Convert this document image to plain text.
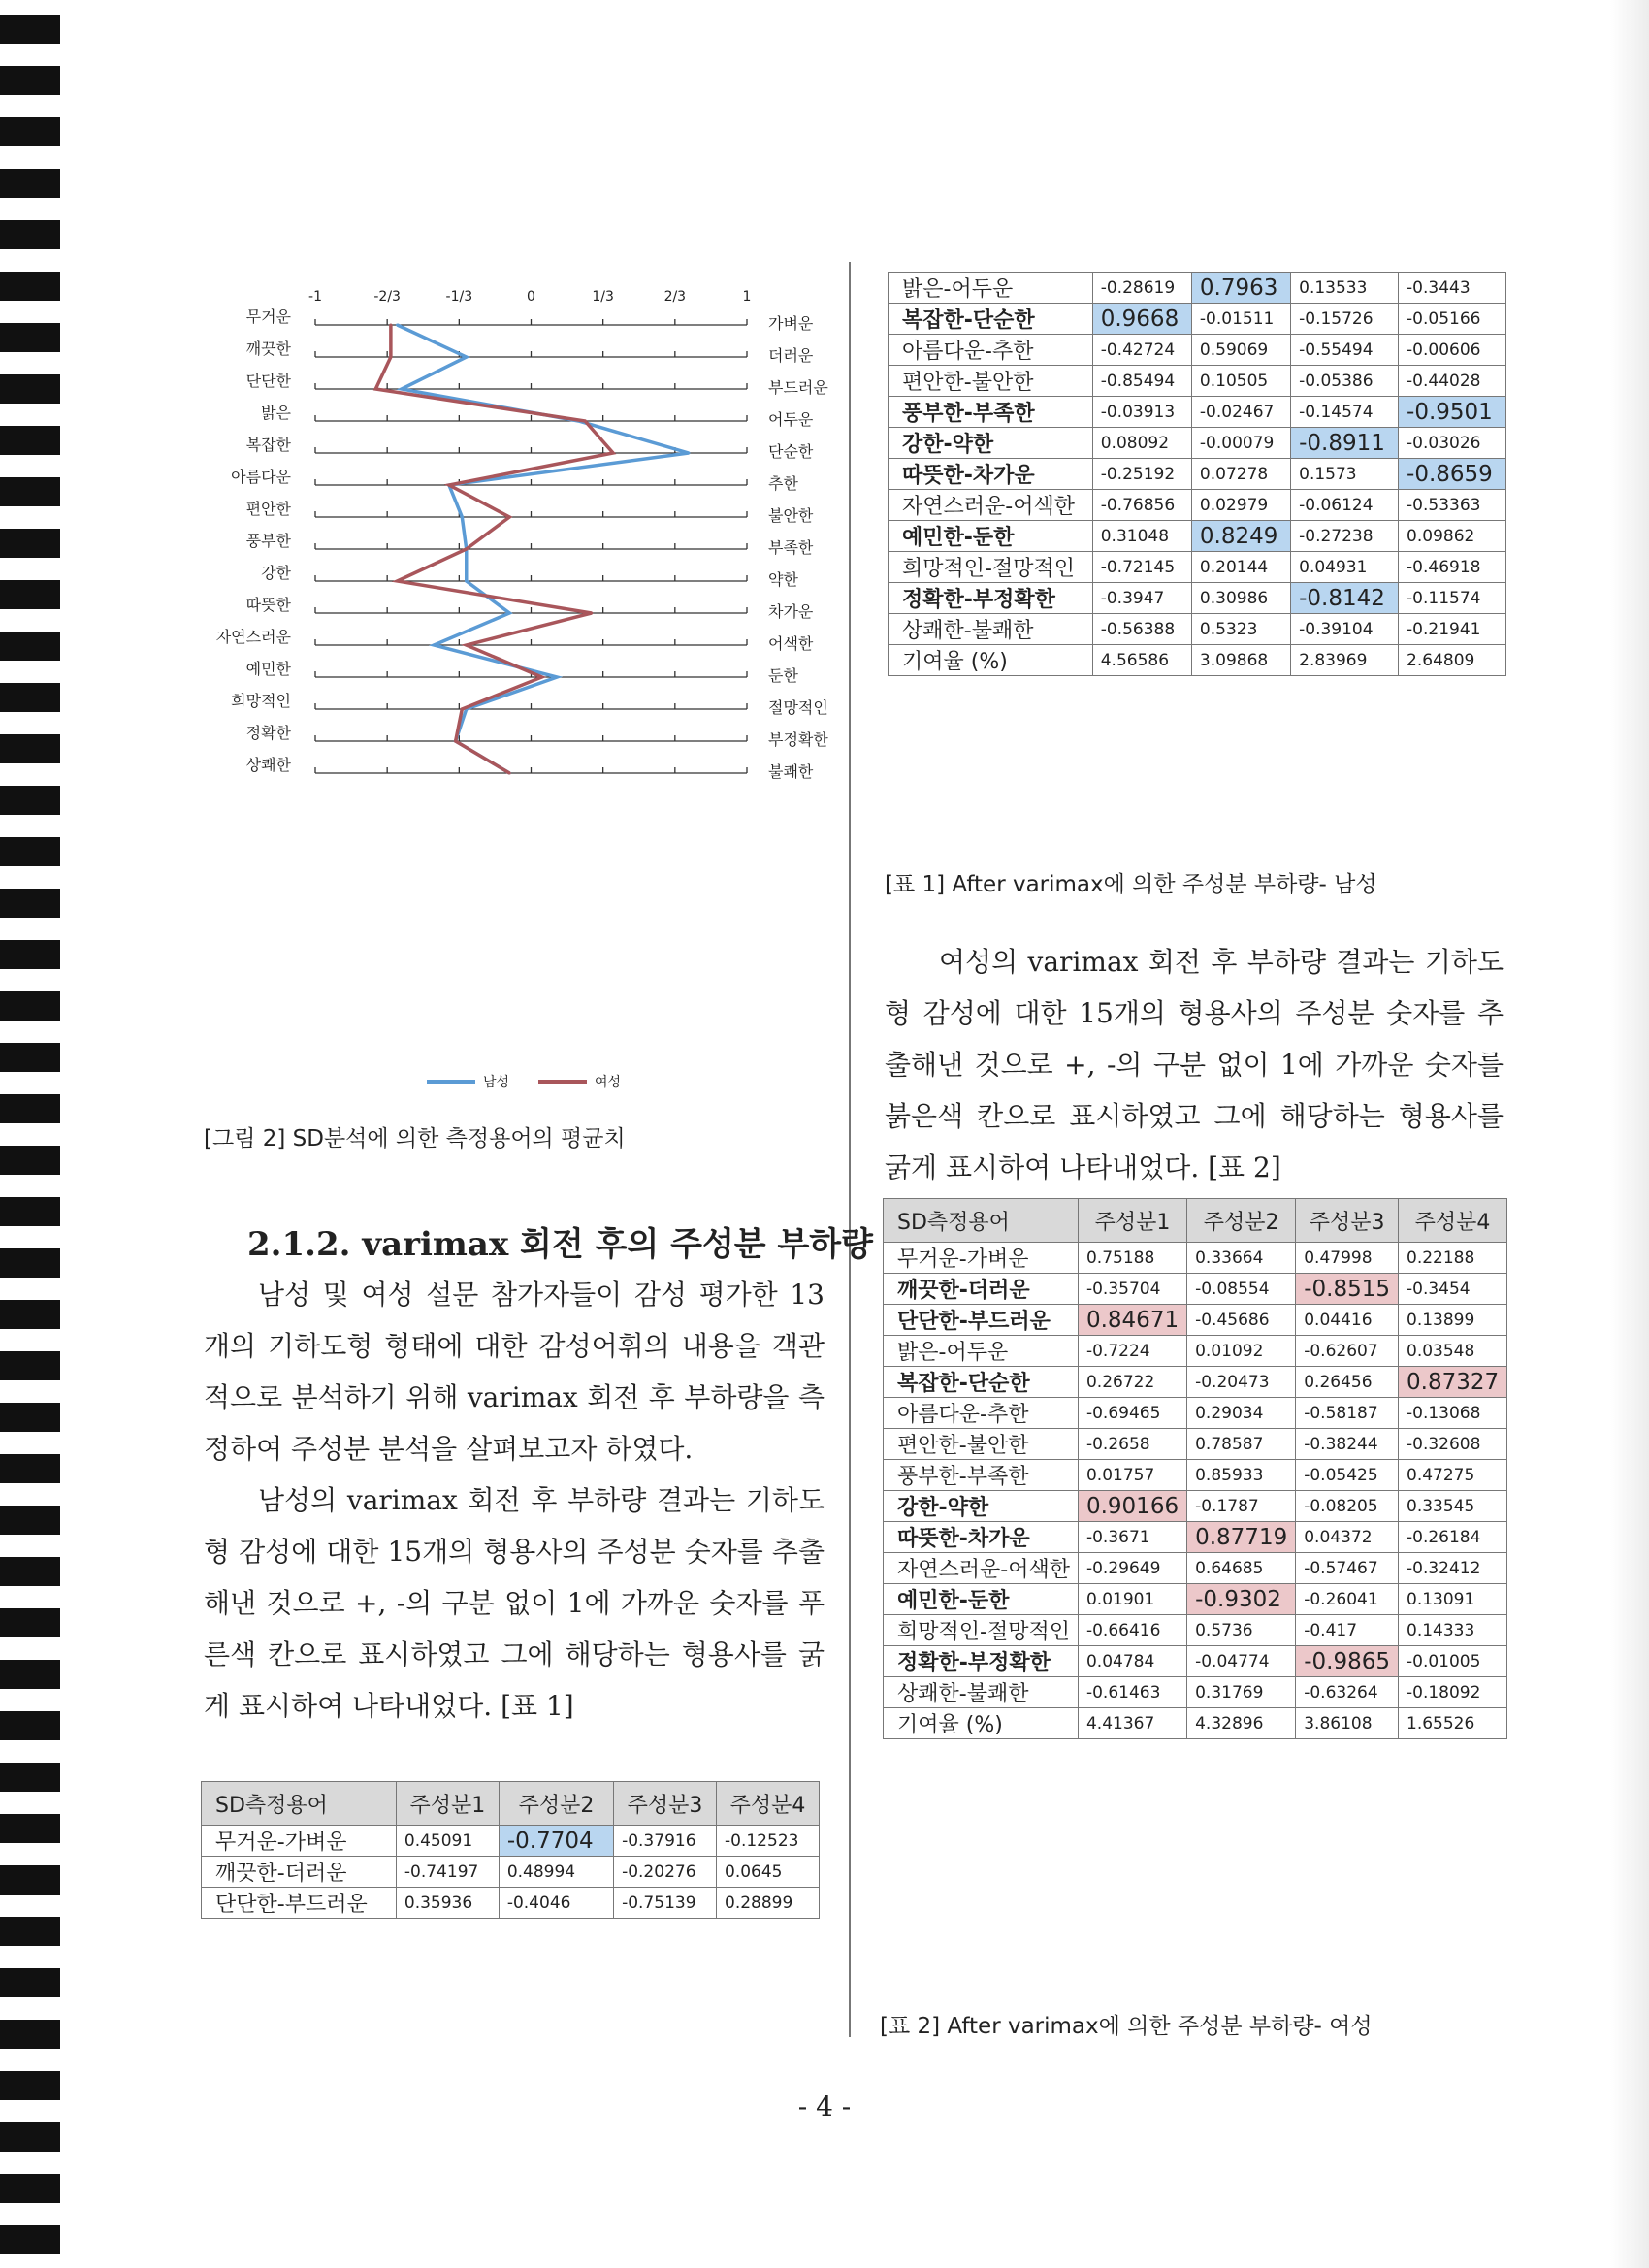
-1	-2/3	-1/3	0	1/3	2/3	1
무거운	가벼운
깨끗한	더러운
단단한	부드러운
밝은	어두운
복잡한	단순한
아름다운	추한
편안한	불안한
풍부한	부족한
강한	약한
따뜻한	차가운
자연스러운	어색한
예민한	둔한
희망적인	절망적인
정확한	부정확한
상쾌한	불쾌한
남성	여성
[그림 2] SD분석에 의한 측정용어의 평균치
2.1.2. varimax 회전 후의 주성분 부하량

남성 및 여성 설문 참가자들이 감성 평가한 13개의 기하도형 형태에 대한 감성어휘의 내용을 객관적으로 분석하기 위해 varimax 회전 후 부하량을 측정하여 주성분 분석을 살펴보고자 하였다.

남성의 varimax 회전 후 부하량 결과는 기하도형 감성에 대한 15개의 형용사의 주성분 숫자를 추출해낸 것으로 +, -의 구분 없이 1에 가까운 숫자를 푸른색 칸으로 표시하였고 그에 해당하는 형용사를 굵게 표시하여 나타내었다. [표 1]

SD측정용어	주성분1	주성분2	주성분3	주성분4
무거운-가벼운	0.45091	-0.7704	-0.37916	-0.12523
깨끗한-더러운	-0.74197	0.48994	-0.20276	0.0645
단단한-부드러운	0.35936	-0.4046	-0.75139	0.28899
밝은-어두운	-0.28619	0.7963	0.13533	-0.3443
복잡한-단순한	0.9668	-0.01511	-0.15726	-0.05166
아름다운-추한	-0.42724	0.59069	-0.55494	-0.00606
편안한-불안한	-0.85494	0.10505	-0.05386	-0.44028
풍부한-부족한	-0.03913	-0.02467	-0.14574	-0.9501
강한-약한	0.08092	-0.00079	-0.8911	-0.03026
따뜻한-차가운	-0.25192	0.07278	0.1573	-0.8659
자연스러운-어색한	-0.76856	0.02979	-0.06124	-0.53363
예민한-둔한	0.31048	0.8249	-0.27238	0.09862
희망적인-절망적인	-0.72145	0.20144	0.04931	-0.46918
정확한-부정확한	-0.3947	0.30986	-0.8142	-0.11574
상쾌한-불쾌한	-0.56388	0.5323	-0.39104	-0.21941
기여율 (%)	4.56586	3.09868	2.83969	2.64809
[표 1] After varimax에 의한 주성분 부하량- 남성

여성의 varimax 회전 후 부하량 결과는 기하도형 감성에 대한 15개의 형용사의 주성분 숫자를 추출해낸 것으로 +, -의 구분 없이 1에 가까운 숫자를 붉은색 칸으로 표시하였고 그에 해당하는 형용사를 굵게 표시하여 나타내었다. [표 2]

SD측정용어	주성분1	주성분2	주성분3	주성분4
무거운-가벼운	0.75188	0.33664	0.47998	0.22188
깨끗한-더러운	-0.35704	-0.08554	-0.8515	-0.3454
단단한-부드러운	0.84671	-0.45686	0.04416	0.13899
밝은-어두운	-0.7224	0.01092	-0.62607	0.03548
복잡한-단순한	0.26722	-0.20473	0.26456	0.87327
아름다운-추한	-0.69465	0.29034	-0.58187	-0.13068
편안한-불안한	-0.2658	0.78587	-0.38244	-0.32608
풍부한-부족한	0.01757	0.85933	-0.05425	0.47275
강한-약한	0.90166	-0.1787	-0.08205	0.33545
따뜻한-차가운	-0.3671	0.87719	0.04372	-0.26184
자연스러운-어색한	-0.29649	0.64685	-0.57467	-0.32412
예민한-둔한	0.01901	-0.9302	-0.26041	0.13091
희망적인-절망적인	-0.66416	0.5736	-0.417	0.14333
정확한-부정확한	0.04784	-0.04774	-0.9865	-0.01005
상쾌한-불쾌한	-0.61463	0.31769	-0.63264	-0.18092
기여율 (%)	4.41367	4.32896	3.86108	1.65526
[표 2] After varimax에 의한 주성분 부하량- 여성
- 4 -
